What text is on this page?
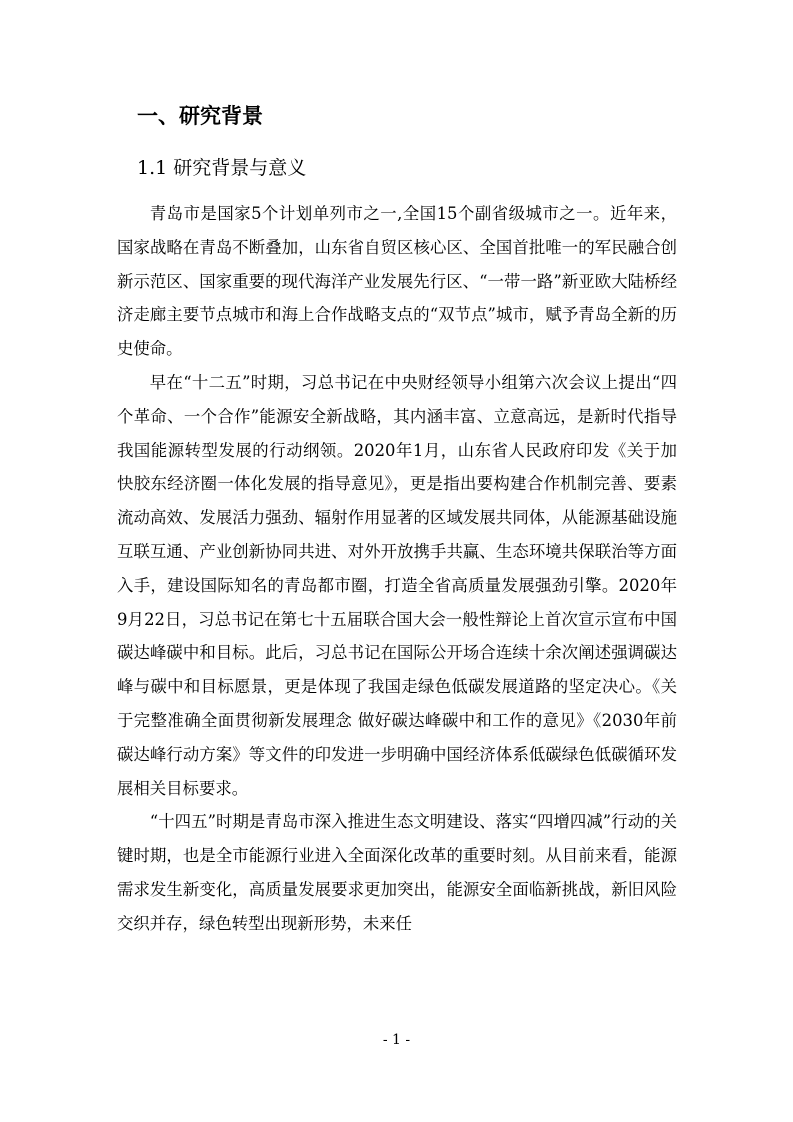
一、研究背景
1.1 研究背景与意义

青岛市是国家5个计划单列市之一,全国15个副省级城市之一。近年来，国家战略在青岛不断叠加，山东省自贸区核心区、全国首批唯一的军民融合创新示范区、国家重要的现代海洋产业发展先行区、“一带一路”新亚欧大陆桥经济走廊主要节点城市和海上合作战略支点的“双节点”城市，赋予青岛全新的历史使命。

早在“十二五”时期，习总书记在中央财经领导小组第六次会议上提出“四个革命、一个合作”能源安全新战略，其内涵丰富、立意高远，是新时代指导我国能源转型发展的行动纲领。2020年1月，山东省人民政府印发《关于加快胶东经济圈一体化发展的指导意见》，更是指出要构建合作机制完善、要素流动高效、发展活力强劲、辐射作用显著的区域发展共同体，从能源基础设施互联互通、产业创新协同共进、对外开放携手共赢、生态环境共保联治等方面入手，建设国际知名的青岛都市圈，打造全省高质量发展强劲引擎。2020年9月22日，习总书记在第七十五届联合国大会一般性辩论上首次宣示宣布中国碳达峰碳中和目标。此后，习总书记在国际公开场合连续十余次阐述强调碳达峰与碳中和目标愿景，更是体现了我国走绿色低碳发展道路的坚定决心。《关于完整准确全面贯彻新发展理念 做好碳达峰碳中和工作的意见》《2030年前碳达峰行动方案》等文件的印发进一步明确中国经济体系低碳绿色低碳循环发展相关目标要求。

“十四五”时期是青岛市深入推进生态文明建设、落实“四增四减”行动的关键时期，也是全市能源行业进入全面深化改革的重要时刻。从目前来看，能源需求发生新变化，高质量发展要求更加突出，能源安全面临新挑战，新旧风险交织并存，绿色转型出现新形势，未来任

- 1 -
